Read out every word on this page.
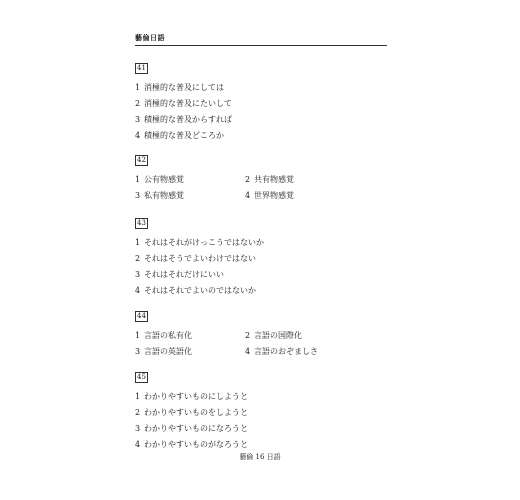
藝倫日語
41
1 消極的な普及にしては
2 消極的な普及にたいして
3 積極的な普及からすれば
4 積極的な普及どころか
42
1 公有物感覚	2 共有物感覚
3 私有物感覚	4 世界物感覚
43
1 それはそれがけっこうではないか
2 それはそうでよいわけではない
3 それはそれだけにいい
4 それはそれでよいのではないか
44
1 言語の私有化	2 言語の国際化
3 言語の英語化	4 言語のおぞましさ
45
1 わかりやすいものにしようと
2 わかりやすいものをしようと
3 わかりやすいものになろうと
4 わかりやすいものがなろうと
藝倫 16 日語
